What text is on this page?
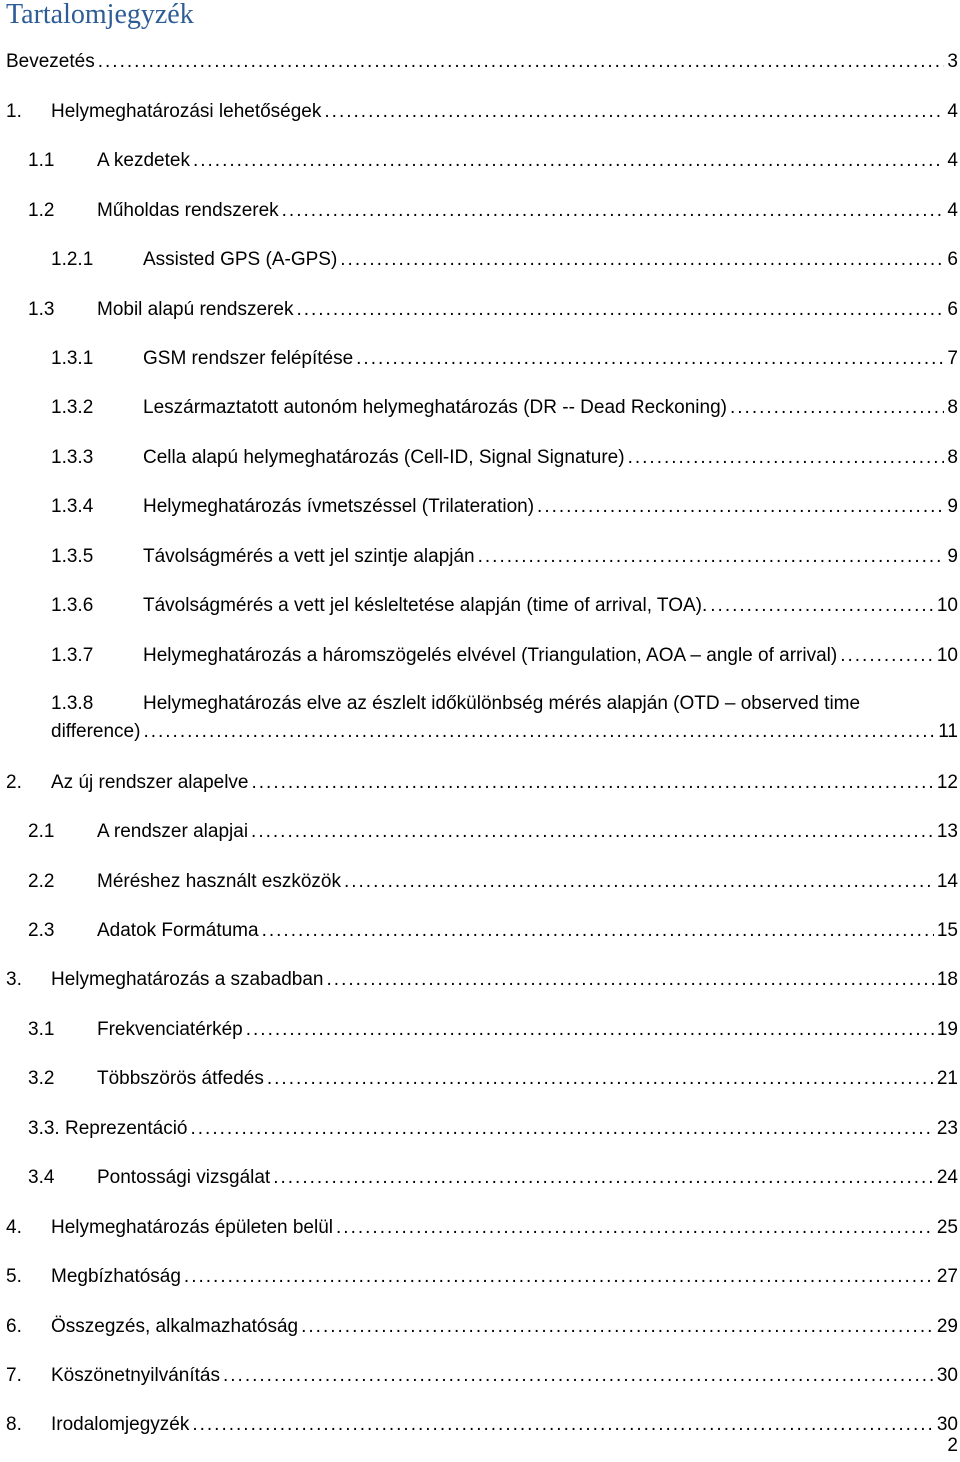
Tartalomjegyzék
Bevezetés .....	3
1. Helymeghatározási lehetőségek .....	4
1.1 A kezdetek .....	4
1.2 Műholdas rendszerek .....	4
1.2.1	Assisted GPS (A-GPS) .....	6
1.3 Mobil alapú rendszerek .....	6
1.3.1	GSM rendszer felépítése .....	7
1.3.2	Leszármaztatott autonóm helymeghatározás (DR -- Dead Reckoning) .....	8
1.3.3	Cella alapú helymeghatározás (Cell-ID, Signal Signature) .....	8
1.3.4	Helymeghatározás ívmetszéssel (Trilateration) .....	9
1.3.5	Távolságmérés a vett jel szintje alapján .....	9
1.3.6	Távolságmérés a vett jel késleltetése alapján (time of arrival, TOA). .....	10
1.3.7	Helymeghatározás a háromszögelés elvével (Triangulation, AOA – angle of arrival) .....	10
1.3.8	Helymeghatározás elve az észlelt időkülönbség mérés alapján (OTD – observed time
difference) .....	11
2. Az új rendszer alapelve .....	12
2.1 A rendszer alapjai .....	13
2.2 Méréshez használt eszközök .....	14
2.3 Adatok Formátuma .....	15
3. Helymeghatározás a szabadban .....	18
3.1 Frekvenciatérkép .....	19
3.2 Többszörös átfedés .....	21
3.3. Reprezentáció .....	23
3.4 Pontossági vizsgálat .....	24
4. Helymeghatározás épületen belül .....	25
5. Megbízhatóság .....	27
6. Összegzés, alkalmazhatóság .....	29
7. Köszönetnyilvánítás .....	30
8. Irodalomjegyzék .....	30
2
